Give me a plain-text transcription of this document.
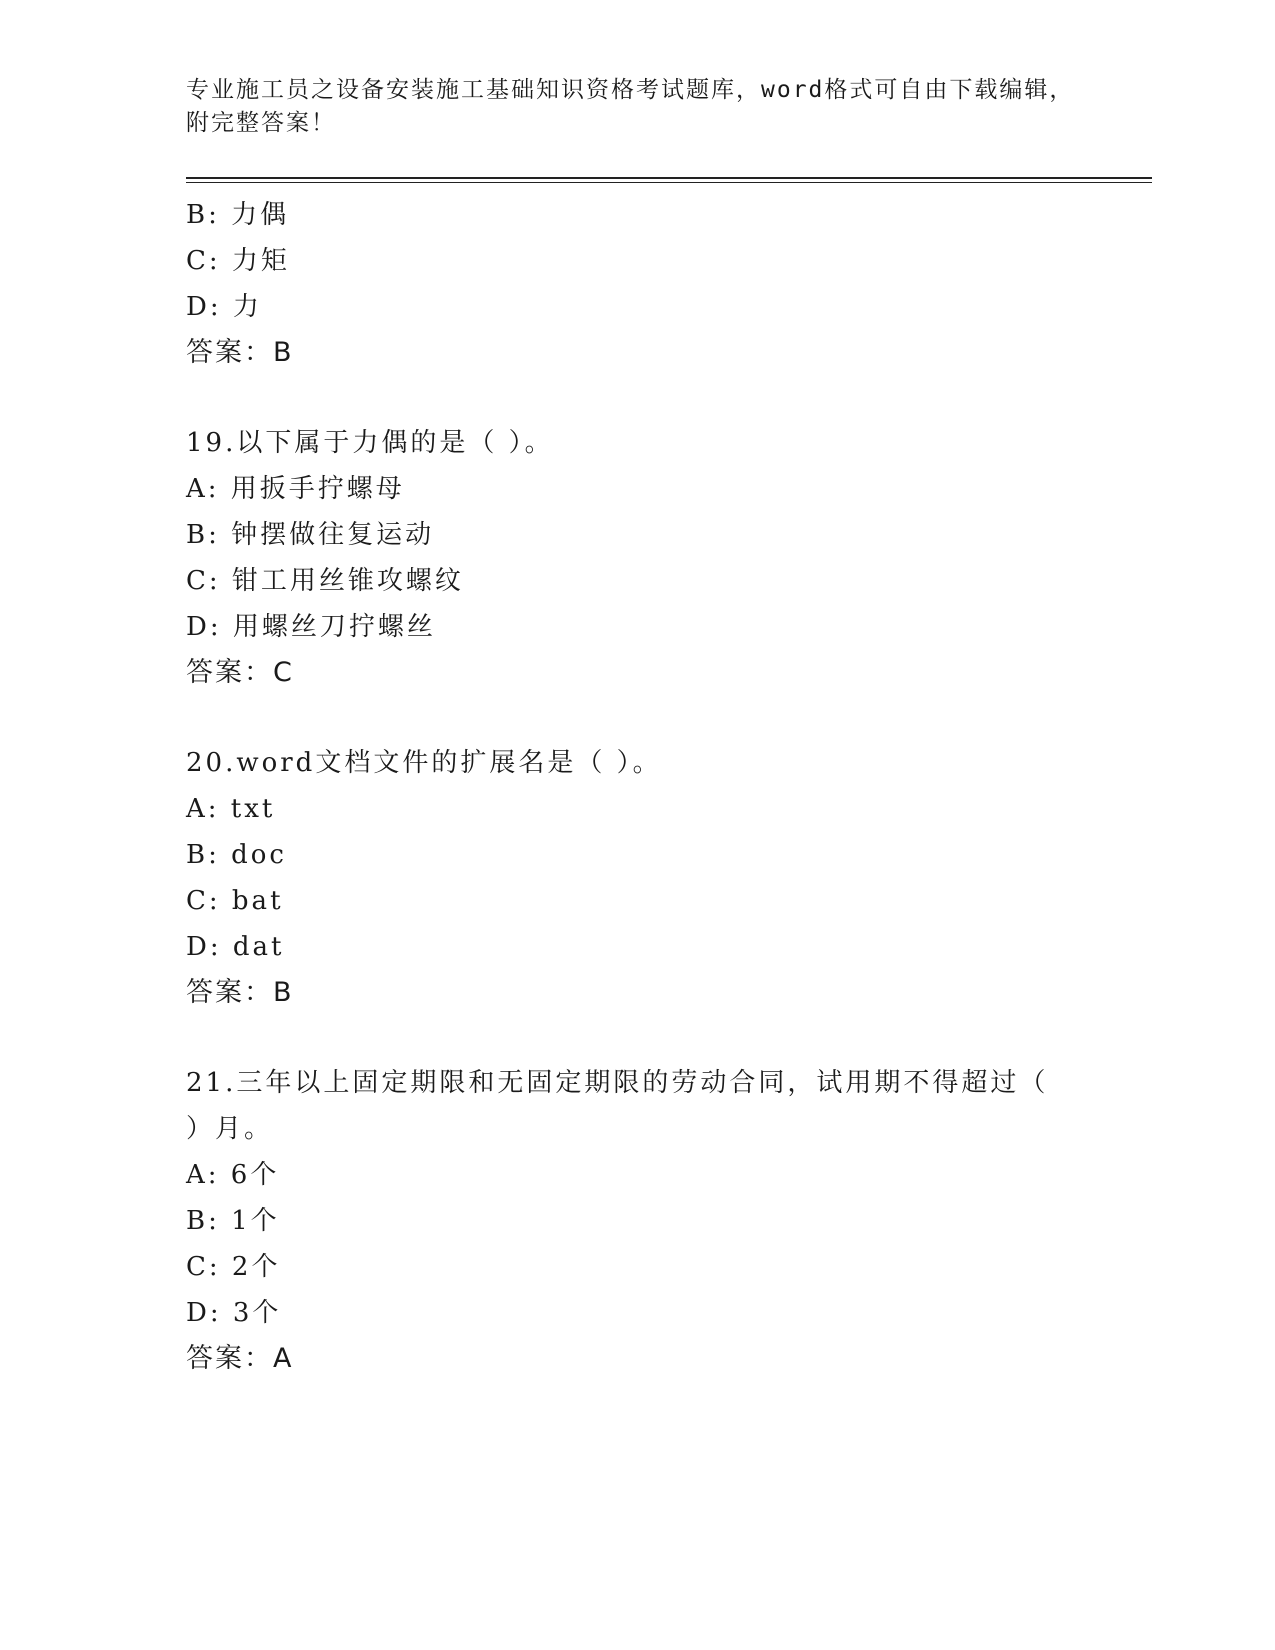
专业施工员之设备安装施工基础知识资格考试题库，word格式可自由下载编辑，
附完整答案！
B: 力偶
C: 力矩
D: 力
答案：B
19.以下属于力偶的是（ ）。
A: 用扳手拧螺母
B: 钟摆做往复运动
C: 钳工用丝锥攻螺纹
D: 用螺丝刀拧螺丝
答案：C
20.word文档文件的扩展名是（ ）。
A: txt
B: doc
C: bat
D: dat
答案：B
21.三年以上固定期限和无固定期限的劳动合同，试用期不得超过（
）月。
A: 6个
B: 1个
C: 2个
D: 3个
答案：A
